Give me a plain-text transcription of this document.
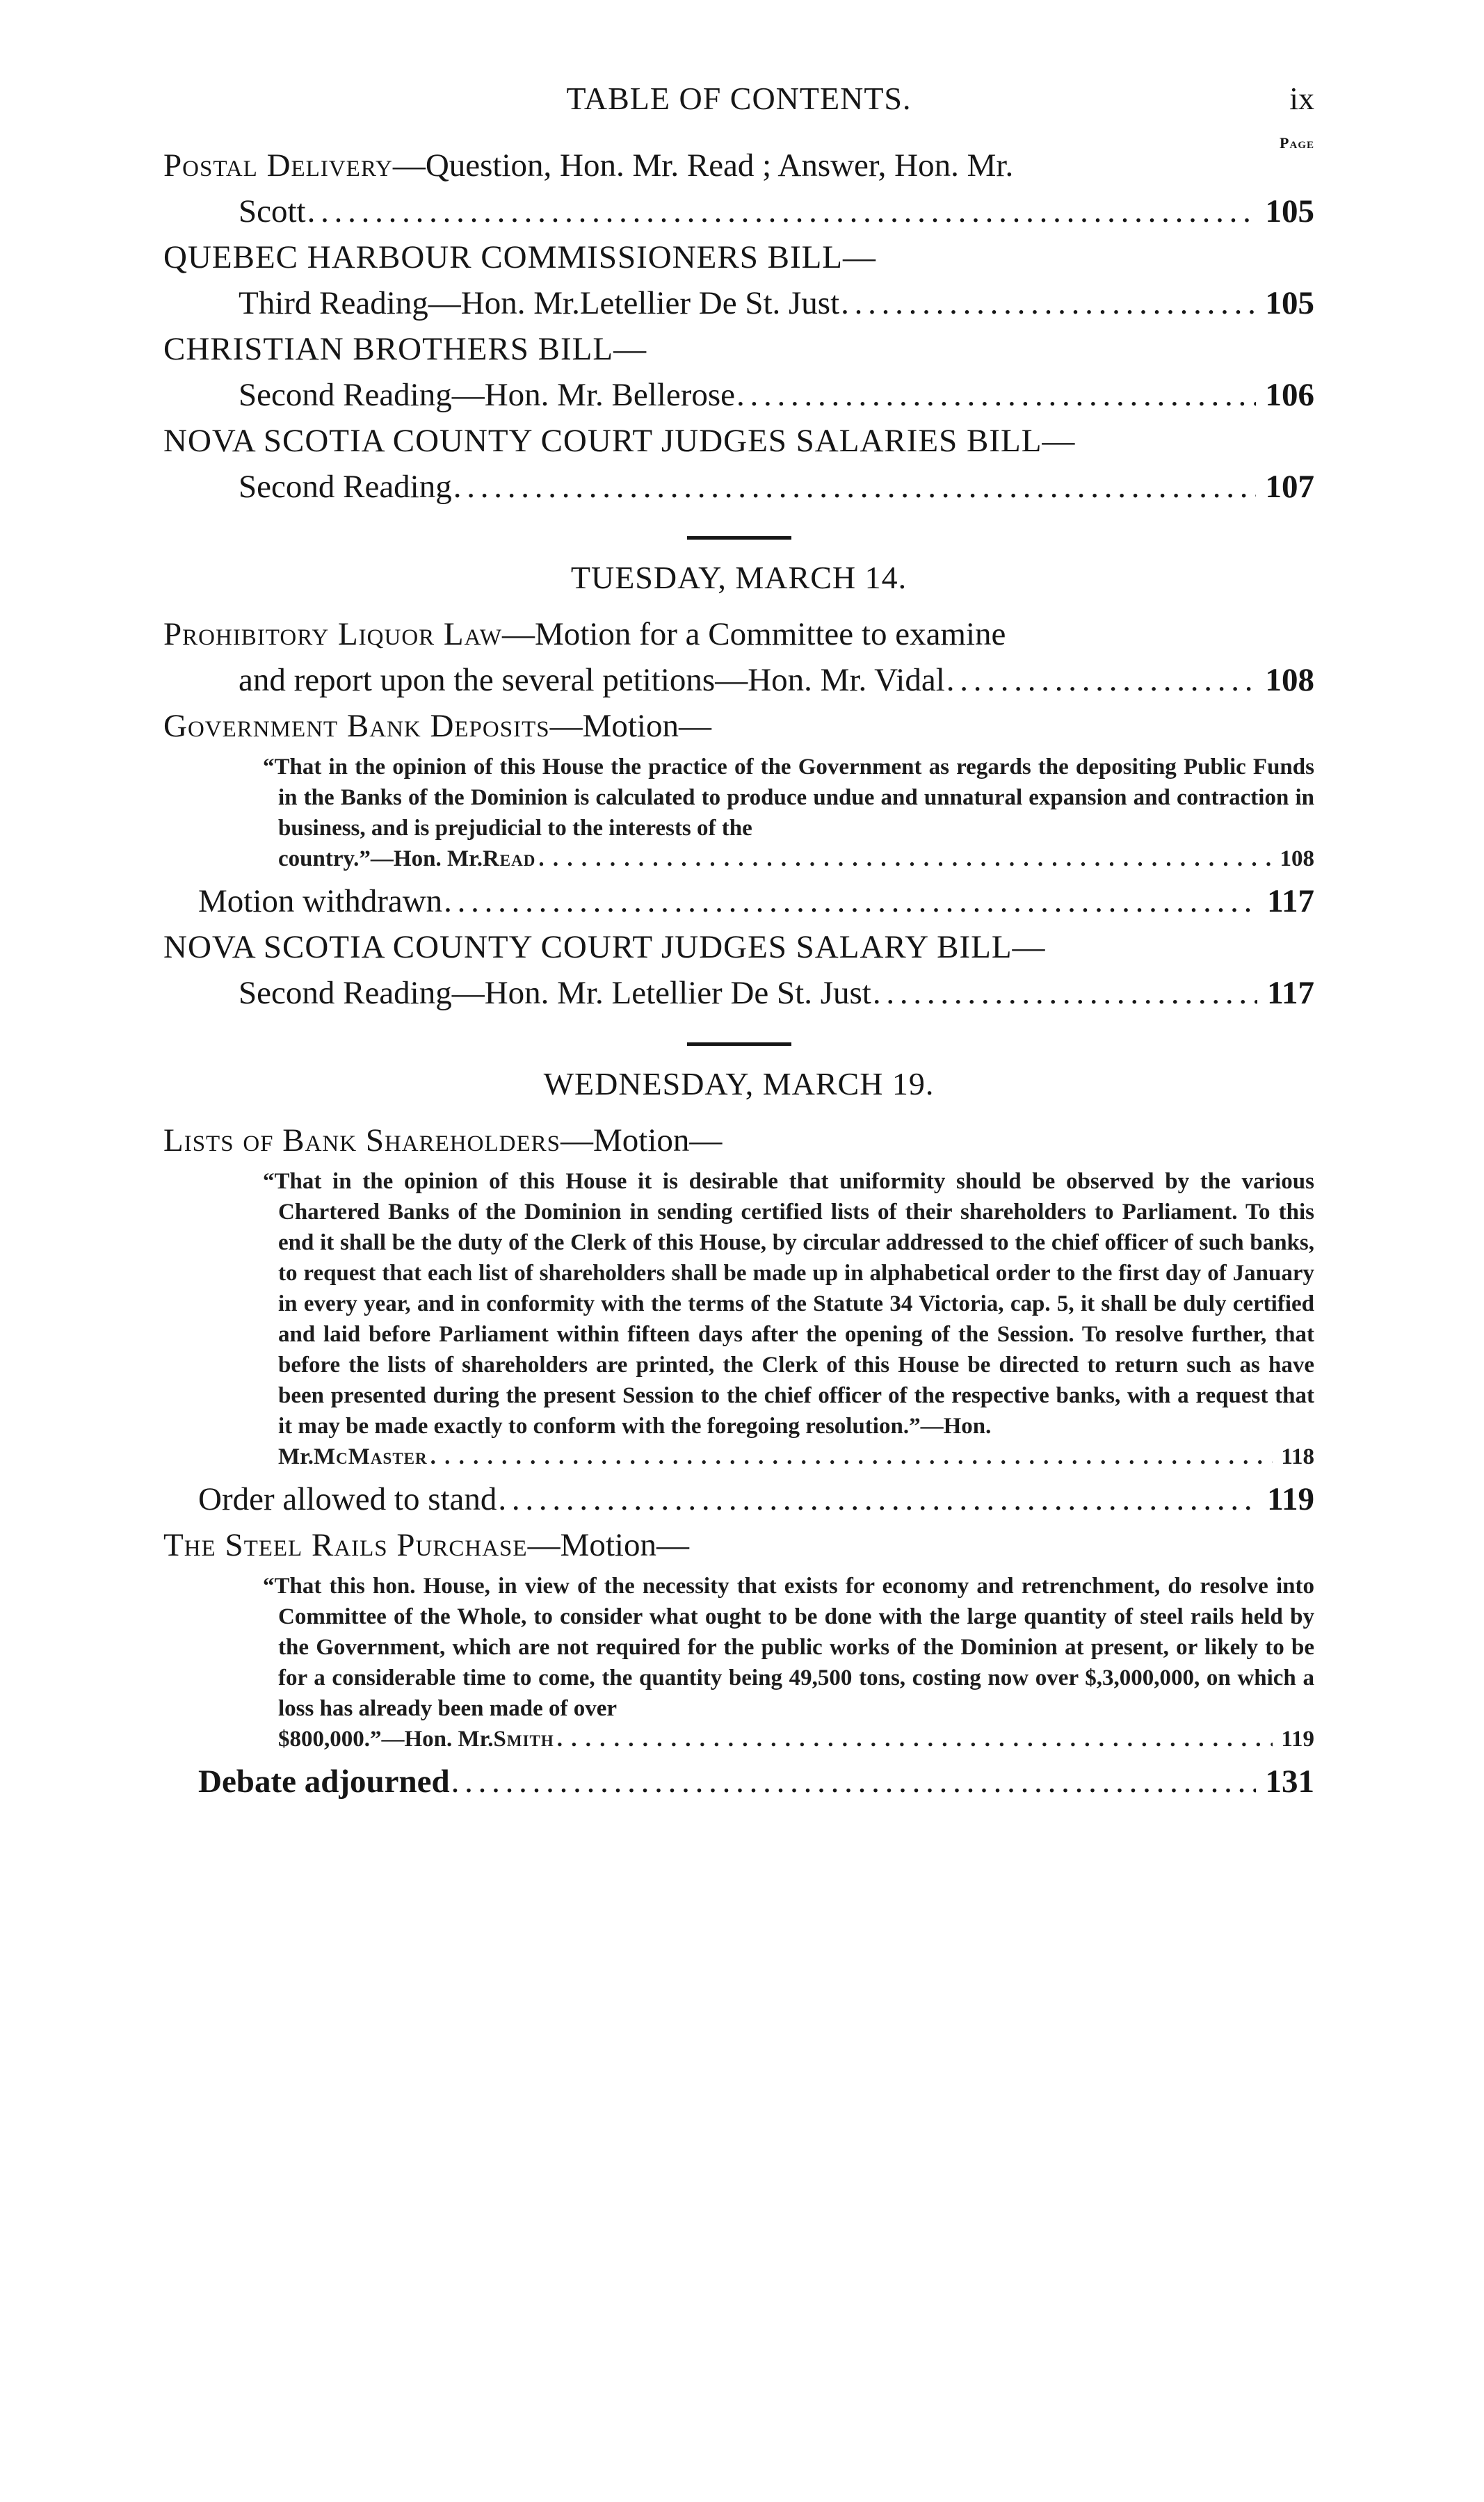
TABLE OF CONTENTS.	ix
Page
Postal Delivery —Question, Hon. Mr. Read ; Answer, Hon. Mr.
Scott . . .	105
QUEBEC HARBOUR COMMISSIONERS BILL—
Third Reading—Hon. Mr.Letellier De St. Just . . .	105
CHRISTIAN BROTHERS BILL—
Second Reading—Hon. Mr. Bellerose . . .	106
NOVA SCOTIA COUNTY COURT JUDGES SALARIES BILL—
Second Reading . . .	107
TUESDAY, MARCH 14.
Prohibitory Liquor Law —Motion for a Committee to examine
and report upon the several petitions—Hon. Mr. Vidal . . .	108
Government Bank Deposits —Motion—
“That in the opinion of this House the practice of the Government as regards the depositing Public Funds in the Banks of the Dominion is calculated to produce undue and unnatural expansion and contraction in business, and is prejudicial to the interests of the
country.”—Hon. Mr. Read . . .	108
Motion withdrawn . . .	117
NOVA SCOTIA COUNTY COURT JUDGES SALARY BILL—
Second Reading—Hon. Mr. Letellier De St. Just . . .	117
WEDNESDAY, MARCH 19.
Lists of Bank Shareholders —Motion—
“That in the opinion of this House it is desirable that uniformity should be observed by the various Chartered Banks of the Dominion in sending certified lists of their shareholders to Parliament. To this end it shall be the duty of the Clerk of this House, by circular addressed to the chief officer of such banks, to request that each list of shareholders shall be made up in alphabetical order to the first day of January in every year, and in conformity with the terms of the Statute 34 Victoria, cap. 5, it shall be duly certified and laid before Parliament within fifteen days after the opening of the Session. To resolve further, that before the lists of shareholders are printed, the Clerk of this House be directed to return such as have been presented during the present Session to the chief officer of the respective banks, with a request that it may be made exactly to conform with the foregoing resolution.”—Hon.
Mr. McMaster . . .	118
Order allowed to stand . . .	119
The Steel Rails Purchase —Motion—
“That this hon. House, in view of the necessity that exists for economy and retrenchment, do resolve into Committee of the Whole, to consider what ought to be done with the large quantity of steel rails held by the Government, which are not required for the public works of the Dominion at present, or likely to be for a considerable time to come, the quantity being 49,500 tons, costing now over $,3,000,000, on which a loss has already been made of over
$800,000.”—Hon. Mr. Smith . . .	119
Debate adjourned . . .	131
